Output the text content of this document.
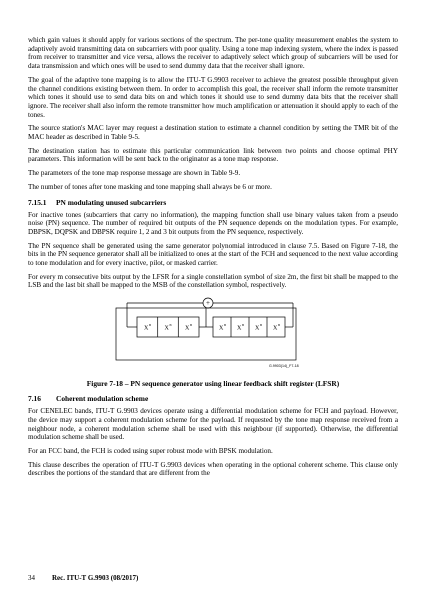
which gain values it should apply for various sections of the spectrum. The per-tone quality measurement enables the system to adaptively avoid transmitting data on subcarriers with poor quality. Using a tone map indexing system, where the index is passed from receiver to transmitter and vice versa, allows the receiver to adaptively select which group of subcarriers will be used for data transmission and which ones will be used to send dummy data that the receiver shall ignore.

The goal of the adaptive tone mapping is to allow the ITU-T G.9903 receiver to achieve the greatest possible throughput given the channel conditions existing between them. In order to accomplish this goal, the receiver shall inform the remote transmitter which tones it should use to send data bits on and which tones it should use to send dummy data bits that the receiver shall ignore. The receiver shall also inform the remote transmitter how much amplification or attenuation it should apply to each of the tones.

The source station's MAC layer may request a destination station to estimate a channel condition by setting the TMR bit of the MAC header as described in Table 9-5.

The destination station has to estimate this particular communication link between two points and choose optimal PHY parameters. This information will be sent back to the originator as a tone map response.

The parameters of the tone map response message are shown in Table 9-9.

The number of tones after tone masking and tone mapping shall always be 6 or more.

7.15.1 PN modulating unused subcarriers

For inactive tones (subcarriers that carry no information), the mapping function shall use binary values taken from a pseudo noise (PN) sequence. The number of required bit outputs of the PN sequence depends on the modulation types. For example, DBPSK, DQPSK and DBPSK require 1, 2 and 3 bit outputs from the PN sequence, respectively.

The PN sequence shall be generated using the same generator polynomial introduced in clause 7.5. Based on Figure 7-18, the bits in the PN sequence generator shall all be initialized to ones at the start of the FCH and sequenced to the next value according to tone modulation and for every inactive, pilot, or masked carrier.

For every m consecutive bits output by the LFSR for a single constellation symbol of size 2m, the first bit shall be mapped to the LSB and the last bit shall be mapped to the MSB of the constellation symbol, respectively.

+
X	X	X	X X X X
n	n	n	n	n	n	n
G.9903(14)_F7-18
Figure 7-18 – PN sequence generator using linear feedback shift register (LFSR)
7.16 Coherent modulation scheme

For CENELEC bands, ITU-T G.9903 devices operate using a differential modulation scheme for FCH and payload. However, the device may support a coherent modulation scheme for the payload. If requested by the tone map response received from a neighbour node, a coherent modulation scheme shall be used with this neighbour (if supported). Otherwise, the differential modulation scheme shall be used.

For an FCC band, the FCH is coded using super robust mode with BPSK modulation.

This clause describes the operation of ITU-T G.9903 devices when operating in the optional coherent scheme. This clause only describes the portions of the standard that are different from the

34 Rec. ITU-T G.9903 (08/2017)
